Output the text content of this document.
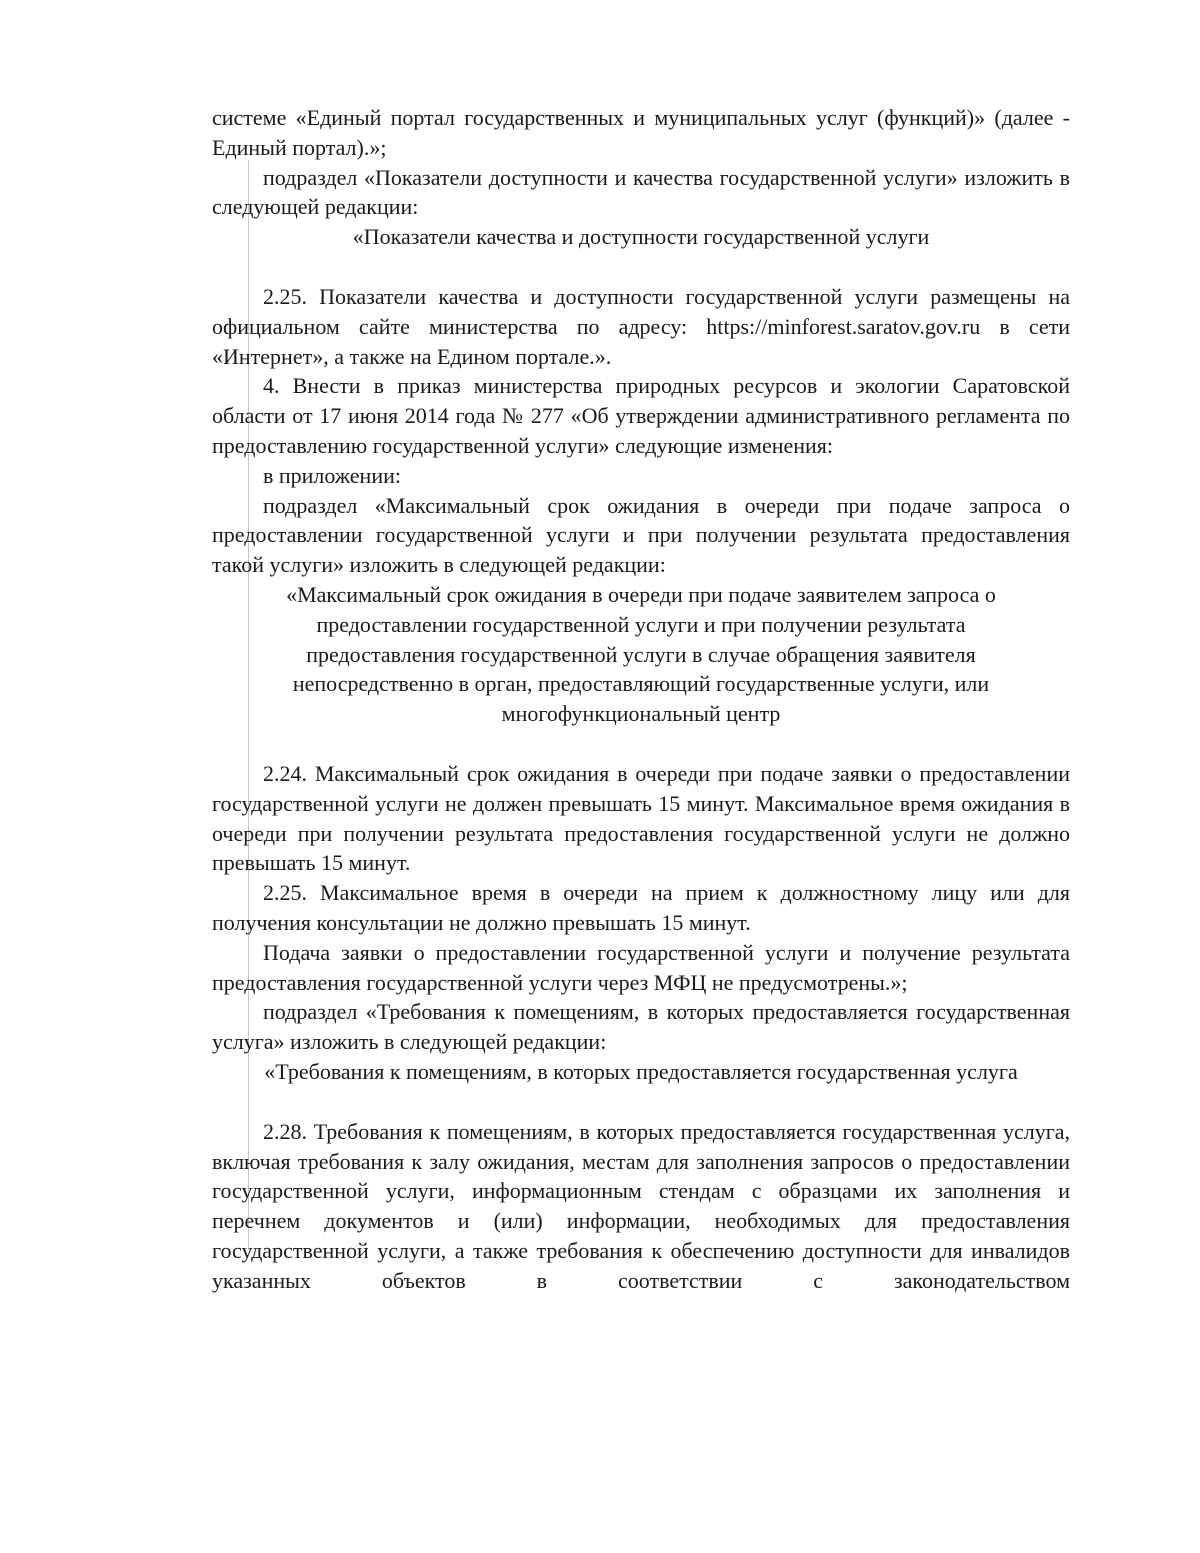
системе «Единый портал государственных и муниципальных услуг (функций)» (далее - Единый портал).»;

подраздел «Показатели доступности и качества государственной услуги» изложить в следующей редакции:

«Показатели качества и доступности государственной услуги

2.25. Показатели качества и доступности государственной услуги размещены на официальном сайте министерства по адресу: https://minforest.saratov.gov.ru в сети «Интернет», а также на Едином портале.».

4. Внести в приказ министерства природных ресурсов и экологии Саратовской области от 17 июня 2014 года № 277 «Об утверждении административного регламента по предоставлению государственной услуги» следующие изменения:

в приложении:

подраздел «Максимальный срок ожидания в очереди при подаче запроса о предоставлении государственной услуги и при получении результата предоставления такой услуги» изложить в следующей редакции:

«Максимальный срок ожидания в очереди при подаче заявителем запроса о предоставлении государственной услуги и при получении результата предоставления государственной услуги в случае обращения заявителя непосредственно в орган, предоставляющий государственные услуги, или многофункциональный центр

2.24. Максимальный срок ожидания в очереди при подаче заявки о предоставлении государственной услуги не должен превышать 15 минут. Максимальное время ожидания в очереди при получении результата предоставления государственной услуги не должно превышать 15 минут.

2.25. Максимальное время в очереди на прием к должностному лицу или для получения консультации не должно превышать 15 минут.

Подача заявки о предоставлении государственной услуги и получение результата предоставления государственной услуги через МФЦ не предусмотрены.»;

подраздел «Требования к помещениям, в которых предоставляется государственная услуга» изложить в следующей редакции:

«Требования к помещениям, в которых предоставляется государственная услуга

2.28. Требования к помещениям, в которых предоставляется государственная услуга, включая требования к залу ожидания, местам для заполнения запросов о предоставлении государственной услуги, информационным стендам с образцами их заполнения и перечнем документов и (или) информации, необходимых для предоставления государственной услуги, а также требования к обеспечению доступности для инвалидов указанных объектов в соответствии с законодательством
